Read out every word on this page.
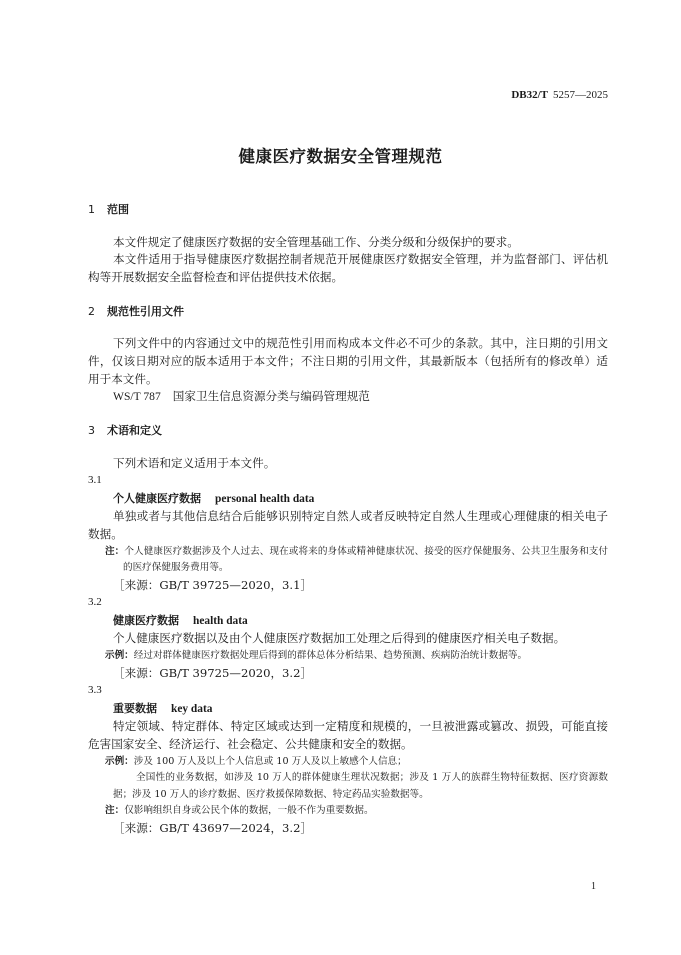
DB32/T 5257—2025
健康医疗数据安全管理规范
1 范围

本文件规定了健康医疗数据的安全管理基础工作、分类分级和分级保护的要求。

本文件适用于指导健康医疗数据控制者规范开展健康医疗数据安全管理，并为监督部门、评估机构等开展数据安全监督检查和评估提供技术依据。

2 规范性引用文件

下列文件中的内容通过文中的规范性引用而构成本文件必不可少的条款。其中，注日期的引用文件，仅该日期对应的版本适用于本文件；不注日期的引用文件，其最新版本（包括所有的修改单）适用于本文件。

WS/T 787 国家卫生信息资源分类与编码管理规范

3 术语和定义

下列术语和定义适用于本文件。

3.1
个人健康医疗数据 personal health data

单独或者与其他信息结合后能够识别特定自然人或者反映特定自然人生理或心理健康的相关电子数据。

注：个人健康医疗数据涉及个人过去、现在或将来的身体或精神健康状况、接受的医疗保健服务、公共卫生服务和支付的医疗保健服务费用等。

［来源：GB/T 39725—2020，3.1］

3.2
健康医疗数据 health data

个人健康医疗数据以及由个人健康医疗数据加工处理之后得到的健康医疗相关电子数据。

示例：经过对群体健康医疗数据处理后得到的群体总体分析结果、趋势预测、疾病防治统计数据等。

［来源：GB/T 39725—2020，3.2］

3.3
重要数据 key data

特定领域、特定群体、特定区域或达到一定精度和规模的，一旦被泄露或篡改、损毁，可能直接危害国家安全、经济运行、社会稳定、公共健康和安全的数据。

示例：涉及 100 万人及以上个人信息或 10 万人及以上敏感个人信息；

全国性的业务数据，如涉及 10 万人的群体健康生理状况数据；涉及 1 万人的族群生物特征数据、医疗资源数据；涉及 10 万人的诊疗数据、医疗救援保障数据、特定药品实验数据等。

注：仅影响组织自身或公民个体的数据，一般不作为重要数据。

［来源：GB/T 43697—2024，3.2］

1
